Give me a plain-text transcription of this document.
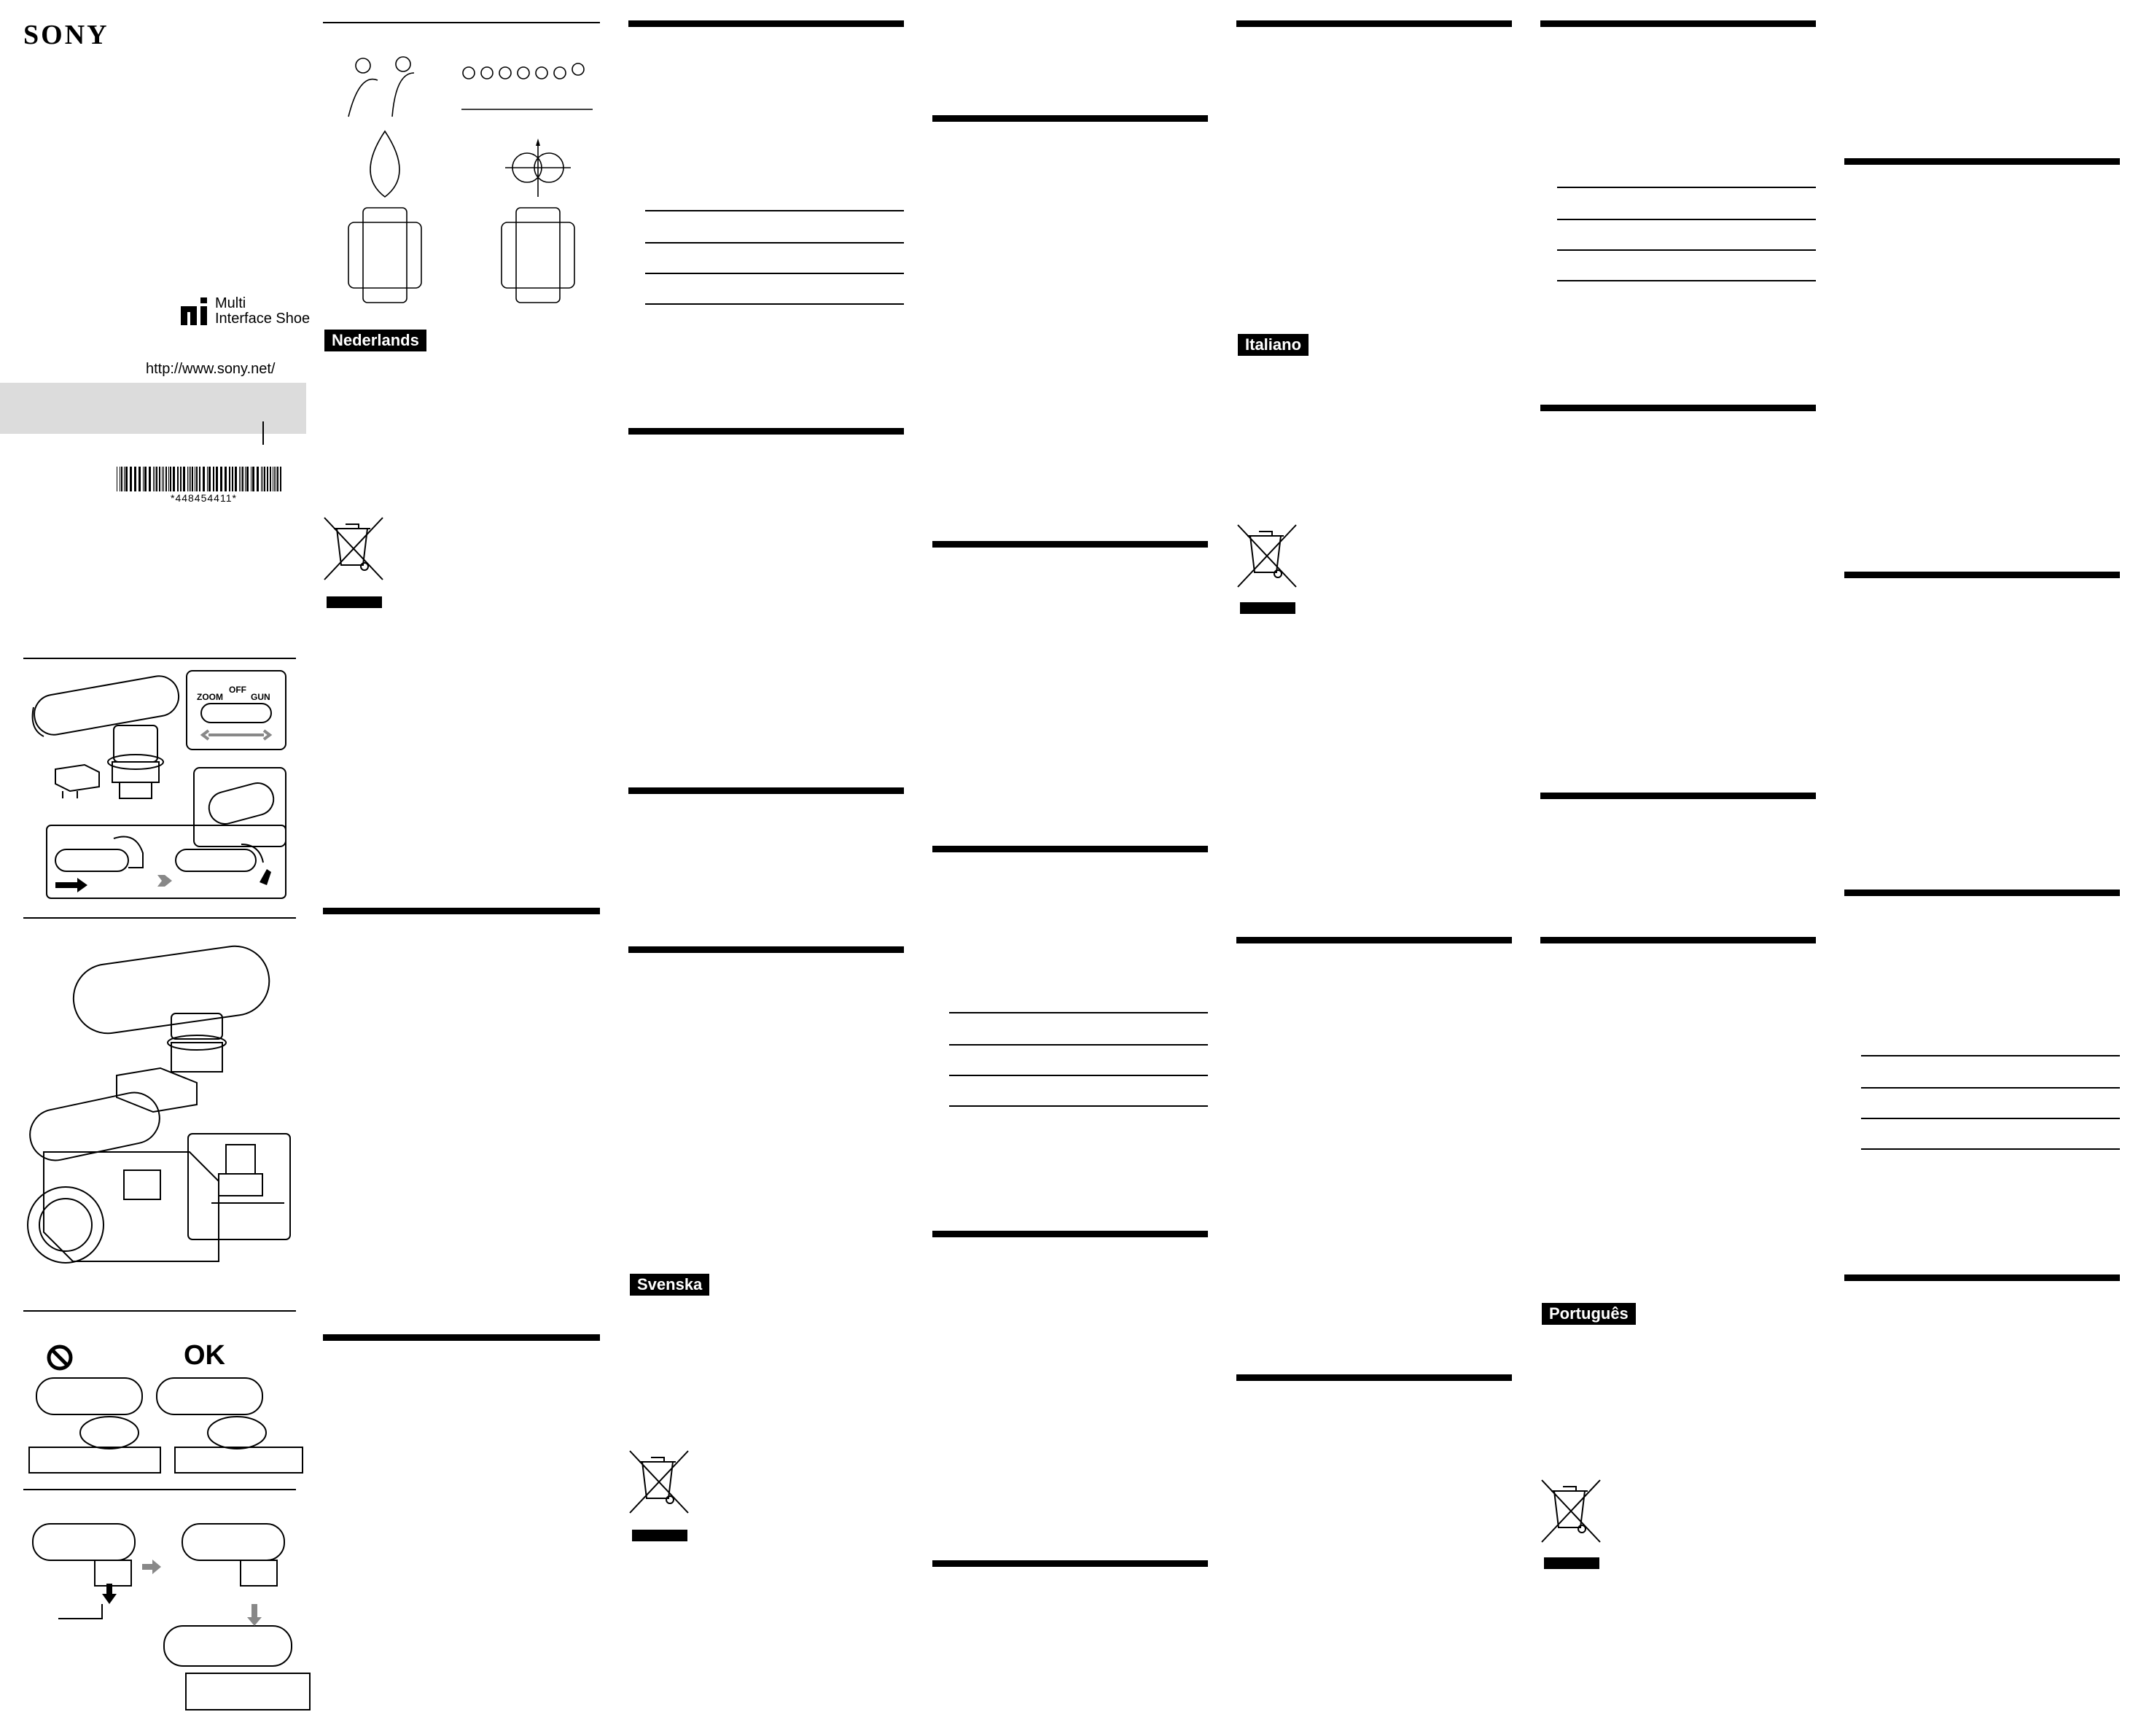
SONY
Multi
Interface Shoe
http://www.sony.net/
*448454411*
ZOOM
OFF
GUN
OK
Nederlands
Svenska
Italiano
Português
